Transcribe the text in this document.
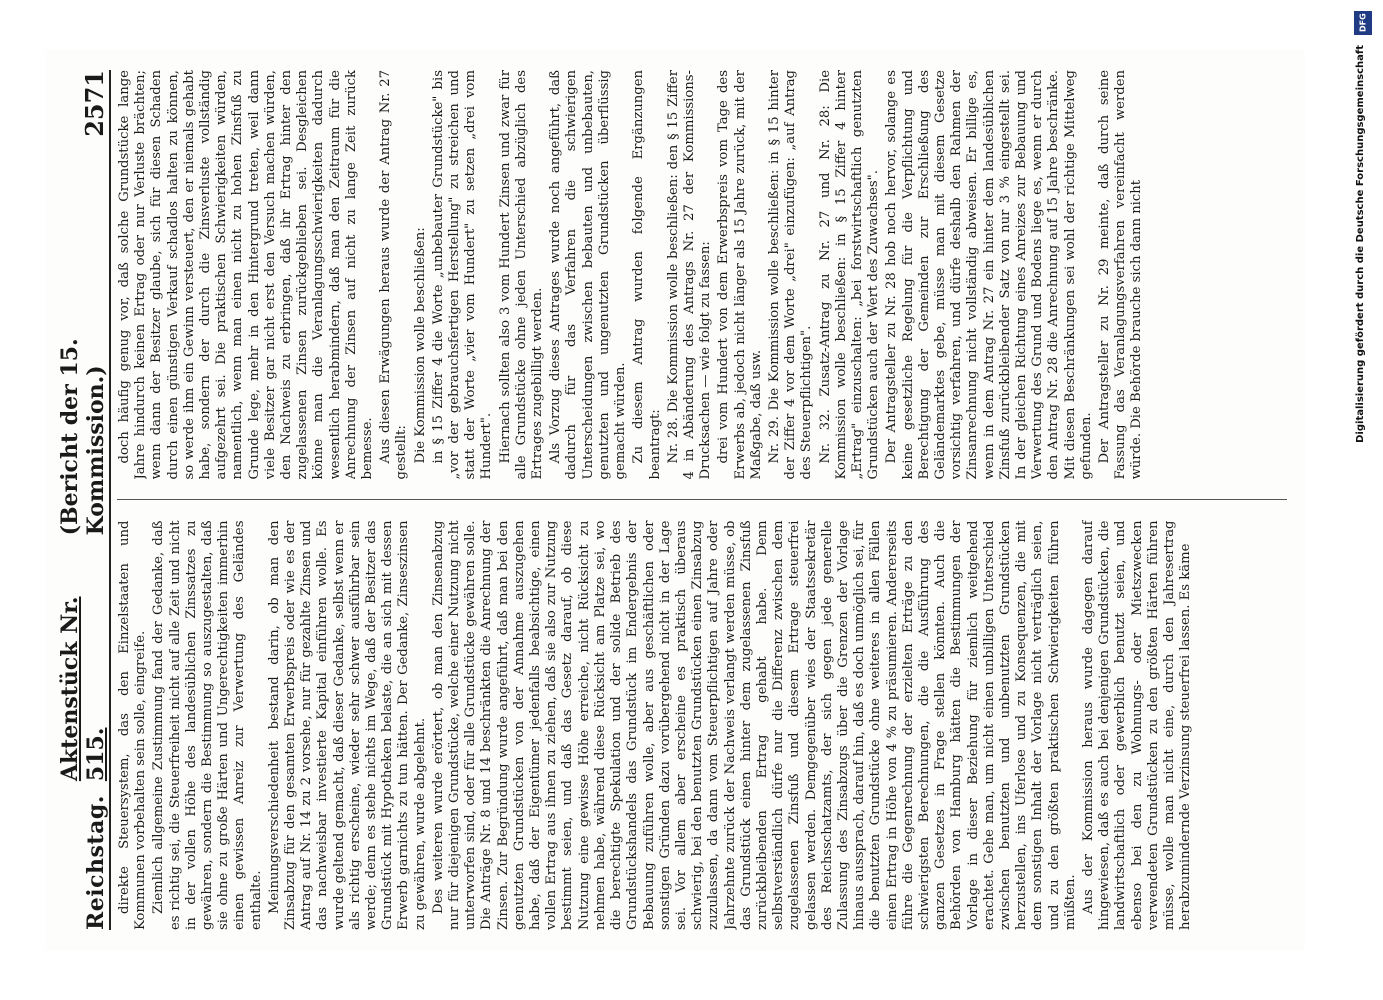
Reichstag.
Aktenstück Nr. 515.
(Bericht der 15. Kommission.)
2571

direkte Steuersystem, das den Einzelstaaten und Kommunen vorbehalten sein solle, eingreife. Ziemlich allgemeine Zustimmung fand der Gedanke, daß es richtig sei, die Steuerfreiheit nicht auf alle Zeit und nicht in der vollen Höhe des landesüblichen Zinssatzes zu gewähren, sondern die Bestimmung so auszugestalten, daß sie ohne zu große Härten und Ungerechtigkeiten immerhin einen gewissen Anreiz zur Verwertung des Geländes enthalte. Meinungsverschiedenheit bestand darin, ob man den Zinsabzug für den gesamten Erwerbspreis oder wie es der Antrag auf Nr. 14 zu 2 vorsehe, nur für gezahlte Zinsen und das nachweisbar investierte Kapital einführen wolle. Es wurde geltend gemacht, daß dieser Gedanke, selbst wenn er als richtig erscheine, wieder sehr schwer ausführbar sein werde; denn es stehe nichts im Wege, daß der Besitzer das Grundstück mit Hypotheken belaste, die an sich mit dessen Erwerb garnichts zu tun hätten. Der Gedanke, Zinseszinsen zu gewähren, wurde abgelehnt. Des weiteren wurde erörtert, ob man den Zinsenabzug nur für diejenigen Grundstücke, welche einer Nutzung nicht unterworfen sind, oder für alle Grundstücke gewähren solle. Die Anträge Nr. 8 und 14 beschränkten die Anrechnung der Zinsen. Zur Begründung wurde angeführt, daß man bei den genutzten Grundstücken von der Annahme auszugehen habe, daß der Eigentümer jedenfalls beabsichtige, einen vollen Ertrag aus ihnen zu ziehen, daß sie also zur Nutzung bestimmt seien, und daß das Gesetz darauf, ob diese Nutzung eine gewisse Höhe erreiche, nicht Rücksicht zu nehmen habe, während diese Rücksicht am Platze sei, wo die berechtigte Spekulation und der solide Betrieb des Grundstückshandels das Grundstück im Endergebnis der Bebauung zuführen wolle, aber aus geschäftlichen oder sonstigen Gründen dazu vorübergehend nicht in der Lage sei. Vor allem aber erscheine es praktisch überaus schwierig, bei den benutzten Grundstücken einen Zinsabzug zuzulassen, da dann vom Steuerpflichtigen auf Jahre oder Jahrzehnte zurück der Nachweis verlangt werden müsse, ob das Grundstück einen hinter dem zugelassenen Zinsfuß zurückbleibenden Ertrag gehabt habe. Denn selbstverständlich dürfe nur die Differenz zwischen dem zugelassenen Zinsfuß und diesem Ertrage steuerfrei gelassen werden. Demgegenüber wies der Staatssekretär des Reichsschatzamts, der sich gegen jede generelle Zulassung des Zinsabzugs über die Grenzen der Vorlage hinaus aussprach, darauf hin, daß es doch unmöglich sei, für die benutzten Grundstücke ohne weiteres in allen Fällen einen Ertrag in Höhe von 4 % zu präsumieren. Andererseits führe die Gegenrechnung der erzielten Erträge zu den schwierigsten Berechnungen, die die Ausführung des ganzen Gesetzes in Frage stellen könnten. Auch die Behörden von Hamburg hätten die Bestimmungen der Vorlage in dieser Beziehung für ziemlich weitgehend erachtet. Gehe man, um nicht einen unbilligen Unterschied zwischen benutzten und unbenutzten Grundstücken herzustellen, ins Uferlose und zu Konsequenzen, die mit dem sonstigen Inhalt der Vorlage nicht verträglich seien, und zu den größten praktischen Schwierigkeiten führen müßten. Aus der Kommission heraus wurde dagegen darauf hingewiesen, daß es auch bei denjenigen Grundstücken, die landwirtschaftlich oder gewerblich benutzt seien, und ebenso bei den zu Wohnungs- oder Mietszwecken verwendeten Grundstücken zu den größten Härten führen müsse, wolle man nicht eine, durch den Jahresertrag herabzumindernde Verzinsung steuerfrei lassen. Es käme

doch häufig genug vor, daß solche Grundstücke lange Jahre hindurch keinen Ertrag oder nur Verluste brächten; wenn dann der Besitzer glaube, sich für diesen Schaden durch einen günstigen Verkauf schadlos halten zu können, so werde ihm ein Gewinn versteuert, den er niemals gehabt habe, sondern der durch die Zinsverluste vollständig aufgezehrt sei. Die praktischen Schwierigkeiten würden, namentlich, wenn man einen nicht zu hohen Zinsfuß zu Grunde lege, mehr in den Hintergrund treten, weil dann viele Besitzer gar nicht erst den Versuch machen würden, den Nachweis zu erbringen, daß ihr Ertrag hinter den zugelassenen Zinsen zurückgeblieben sei. Desgleichen könne man die Veranlagungsschwierigkeiten dadurch wesentlich herabmindern, daß man den Zeitraum für die Anrechnung der Zinsen auf nicht zu lange Zeit zurück bemesse. Aus diesen Erwägungen heraus wurde der Antrag Nr. 27 gestellt: Die Kommission wolle beschließen: in § 15 Ziffer 4 die Worte „unbebauter Grundstücke" bis „vor der gebrauchsfertigen Herstellung" zu streichen und statt der Worte „vier vom Hundert" zu setzen „drei vom Hundert". Hiernach sollten also 3 vom Hundert Zinsen und zwar für alle Grundstücke ohne jeden Unterschied abzüglich des Ertrages zugebilligt werden. Als Vorzug dieses Antrages wurde noch angeführt, daß dadurch für das Verfahren die schwierigen Unterscheidungen zwischen bebauten und unbebauten, genutzten und ungenutzten Grundstücken überflüssig gemacht würden. Zu diesem Antrag wurden folgende Ergänzungen beantragt: Nr. 28. Die Kommission wolle beschließen: den § 15 Ziffer 4 in Abänderung des Antrags Nr. 27 der Kommissions-Drucksachen — wie folgt zu fassen: drei vom Hundert von dem Erwerbspreis vom Tage des Erwerbs ab, jedoch nicht länger als 15 Jahre zurück, mit der Maßgabe, daß usw. Nr. 29. Die Kommission wolle beschließen: in § 15 hinter der Ziffer 4 vor dem Worte „drei" einzufügen: „auf Antrag des Steuerpflichtigen". Nr. 32. Zusatz-Antrag zu Nr. 27 und Nr. 28: Die Kommission wolle beschließen: in § 15 Ziffer 4 hinter „Ertrag" einzuschalten: „bei forstwirtschaftlich genutzten Grundstücken auch der Wert des Zuwachses". Der Antragsteller zu Nr. 28 hob noch hervor, solange es keine gesetzliche Regelung für die Verpflichtung und Berechtigung der Gemeinden zur Erschließung des Geländemarktes gebe, müsse man mit diesem Gesetze vorsichtig verfahren, und dürfe deshalb den Rahmen der Zinsanrechnung nicht vollständig abweisen. Er billige es, wenn in dem Antrag Nr. 27 ein hinter dem landesüblichen Zinsfuß zurückbleibender Satz von nur 3 % eingestellt sei. In der gleichen Richtung eines Anreizes zur Bebauung und Verwertung des Grund und Bodens liege es, wenn er durch den Antrag Nr. 28 die Anrechnung auf 15 Jahre beschränke. Mit diesen Beschränkungen sei wohl der richtige Mittelweg gefunden. Der Antragsteller zu Nr. 29 meinte, daß durch seine Fassung das Veranlagungsverfahren vereinfacht werden würde. Die Behörde brauche sich dann nicht

DFG
Digitalisierung gefördert durch die Deutsche Forschungsgemeinschaft
